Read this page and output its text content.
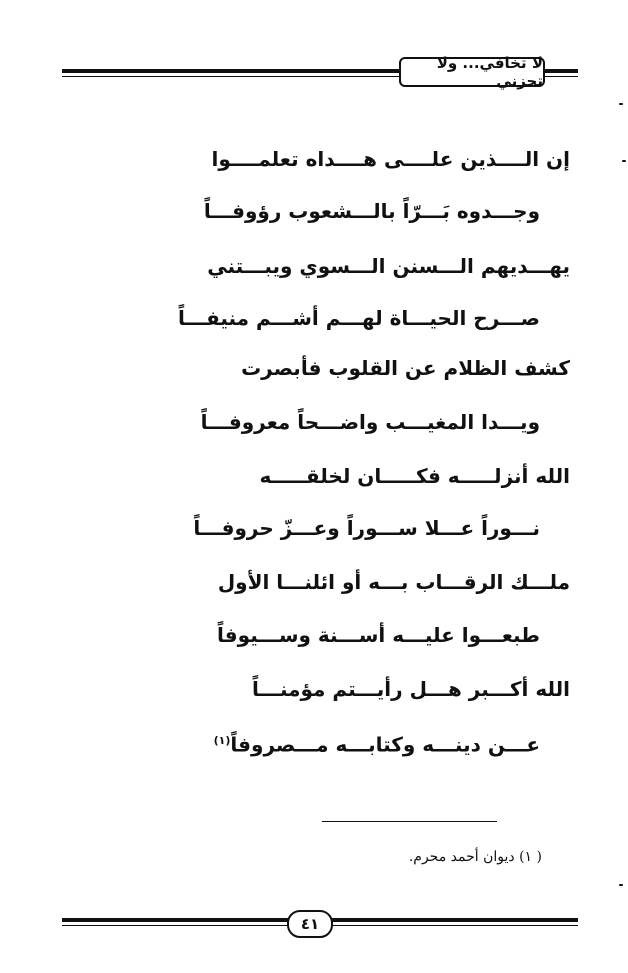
لا تخافي... ولا تحزني
إن الــــذين علــــى هــــداه تعلمــــوا
وجـــدوه بَـــرّاً بالـــشعوب رؤوفـــاً
يهـــديهم الـــسنن الـــسوي ويبـــتني
صـــرح الحيـــاة لهـــم أشـــم منيفـــاً
كشف الظلام عن القلوب فأبصرت
ويـــدا المغيـــب واضـــحاً معروفـــاً
الله أنزلـــــه فكـــــان لخلقـــــه
نـــوراً عـــلا ســـوراً وعـــزّ حروفـــاً
ملـــك الرقـــاب بـــه أو ائلنـــا الأول
طبعـــوا عليـــه أســـنة وســـيوفاً
الله أكـــبر هـــل رأيـــتم مؤمنـــاً
عـــن دينـــه وكتابـــه مـــصروفاً$^{(١)}$
( ١) ديوان أحمد محرم.
٤١
